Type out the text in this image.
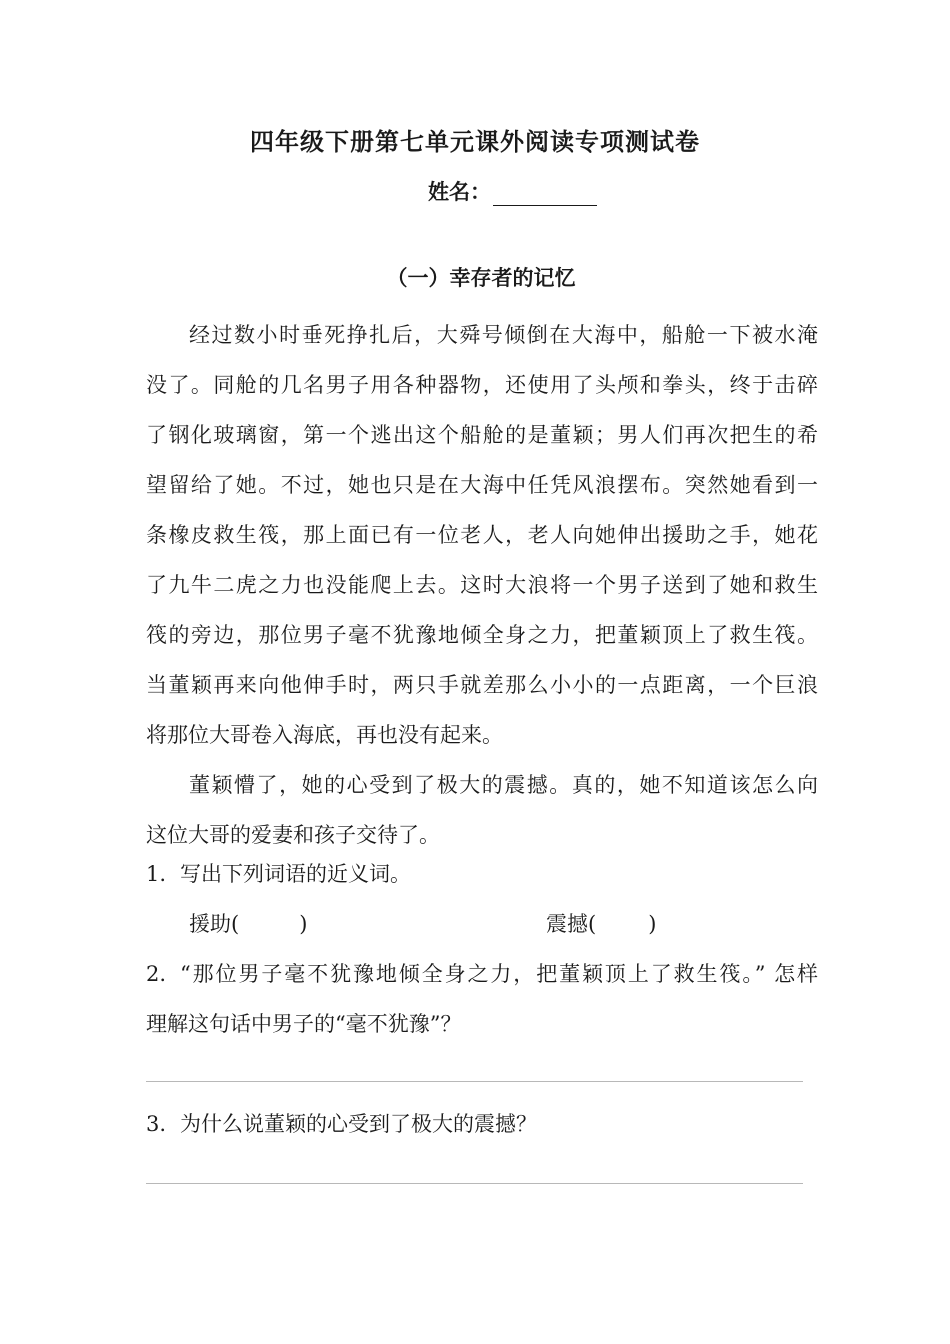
四年级下册第七单元课外阅读专项测试卷
姓名：
（一）幸存者的记忆
经过数小时垂死挣扎后，大舜号倾倒在大海中，船舱一下被水淹
没了。同舱的几名男子用各种器物，还使用了头颅和拳头，终于击碎
了钢化玻璃窗，第一个逃出这个船舱的是董颖；男人们再次把生的希
望留给了她。不过，她也只是在大海中任凭风浪摆布。突然她看到一
条橡皮救生筏，那上面已有一位老人，老人向她伸出援助之手，她花
了九牛二虎之力也没能爬上去。这时大浪将一个男子送到了她和救生
筏的旁边，那位男子毫不犹豫地倾全身之力，把董颖顶上了救生筏。
当董颖再来向他伸手时，两只手就差那么小小的一点距离，一个巨浪
将那位大哥卷入海底，再也没有起来。
董颖懵了，她的心受到了极大的震撼。真的，她不知道该怎么向
这位大哥的爱妻和孩子交待了。
1. 写出下列词语的近义词。
援助(	)	震撼( )
2. “那位男子毫不犹豫地倾全身之力，把董颖顶上了救生筏。” 怎样
理解这句话中男子的“毫不犹豫”？
3. 为什么说董颖的心受到了极大的震撼？
